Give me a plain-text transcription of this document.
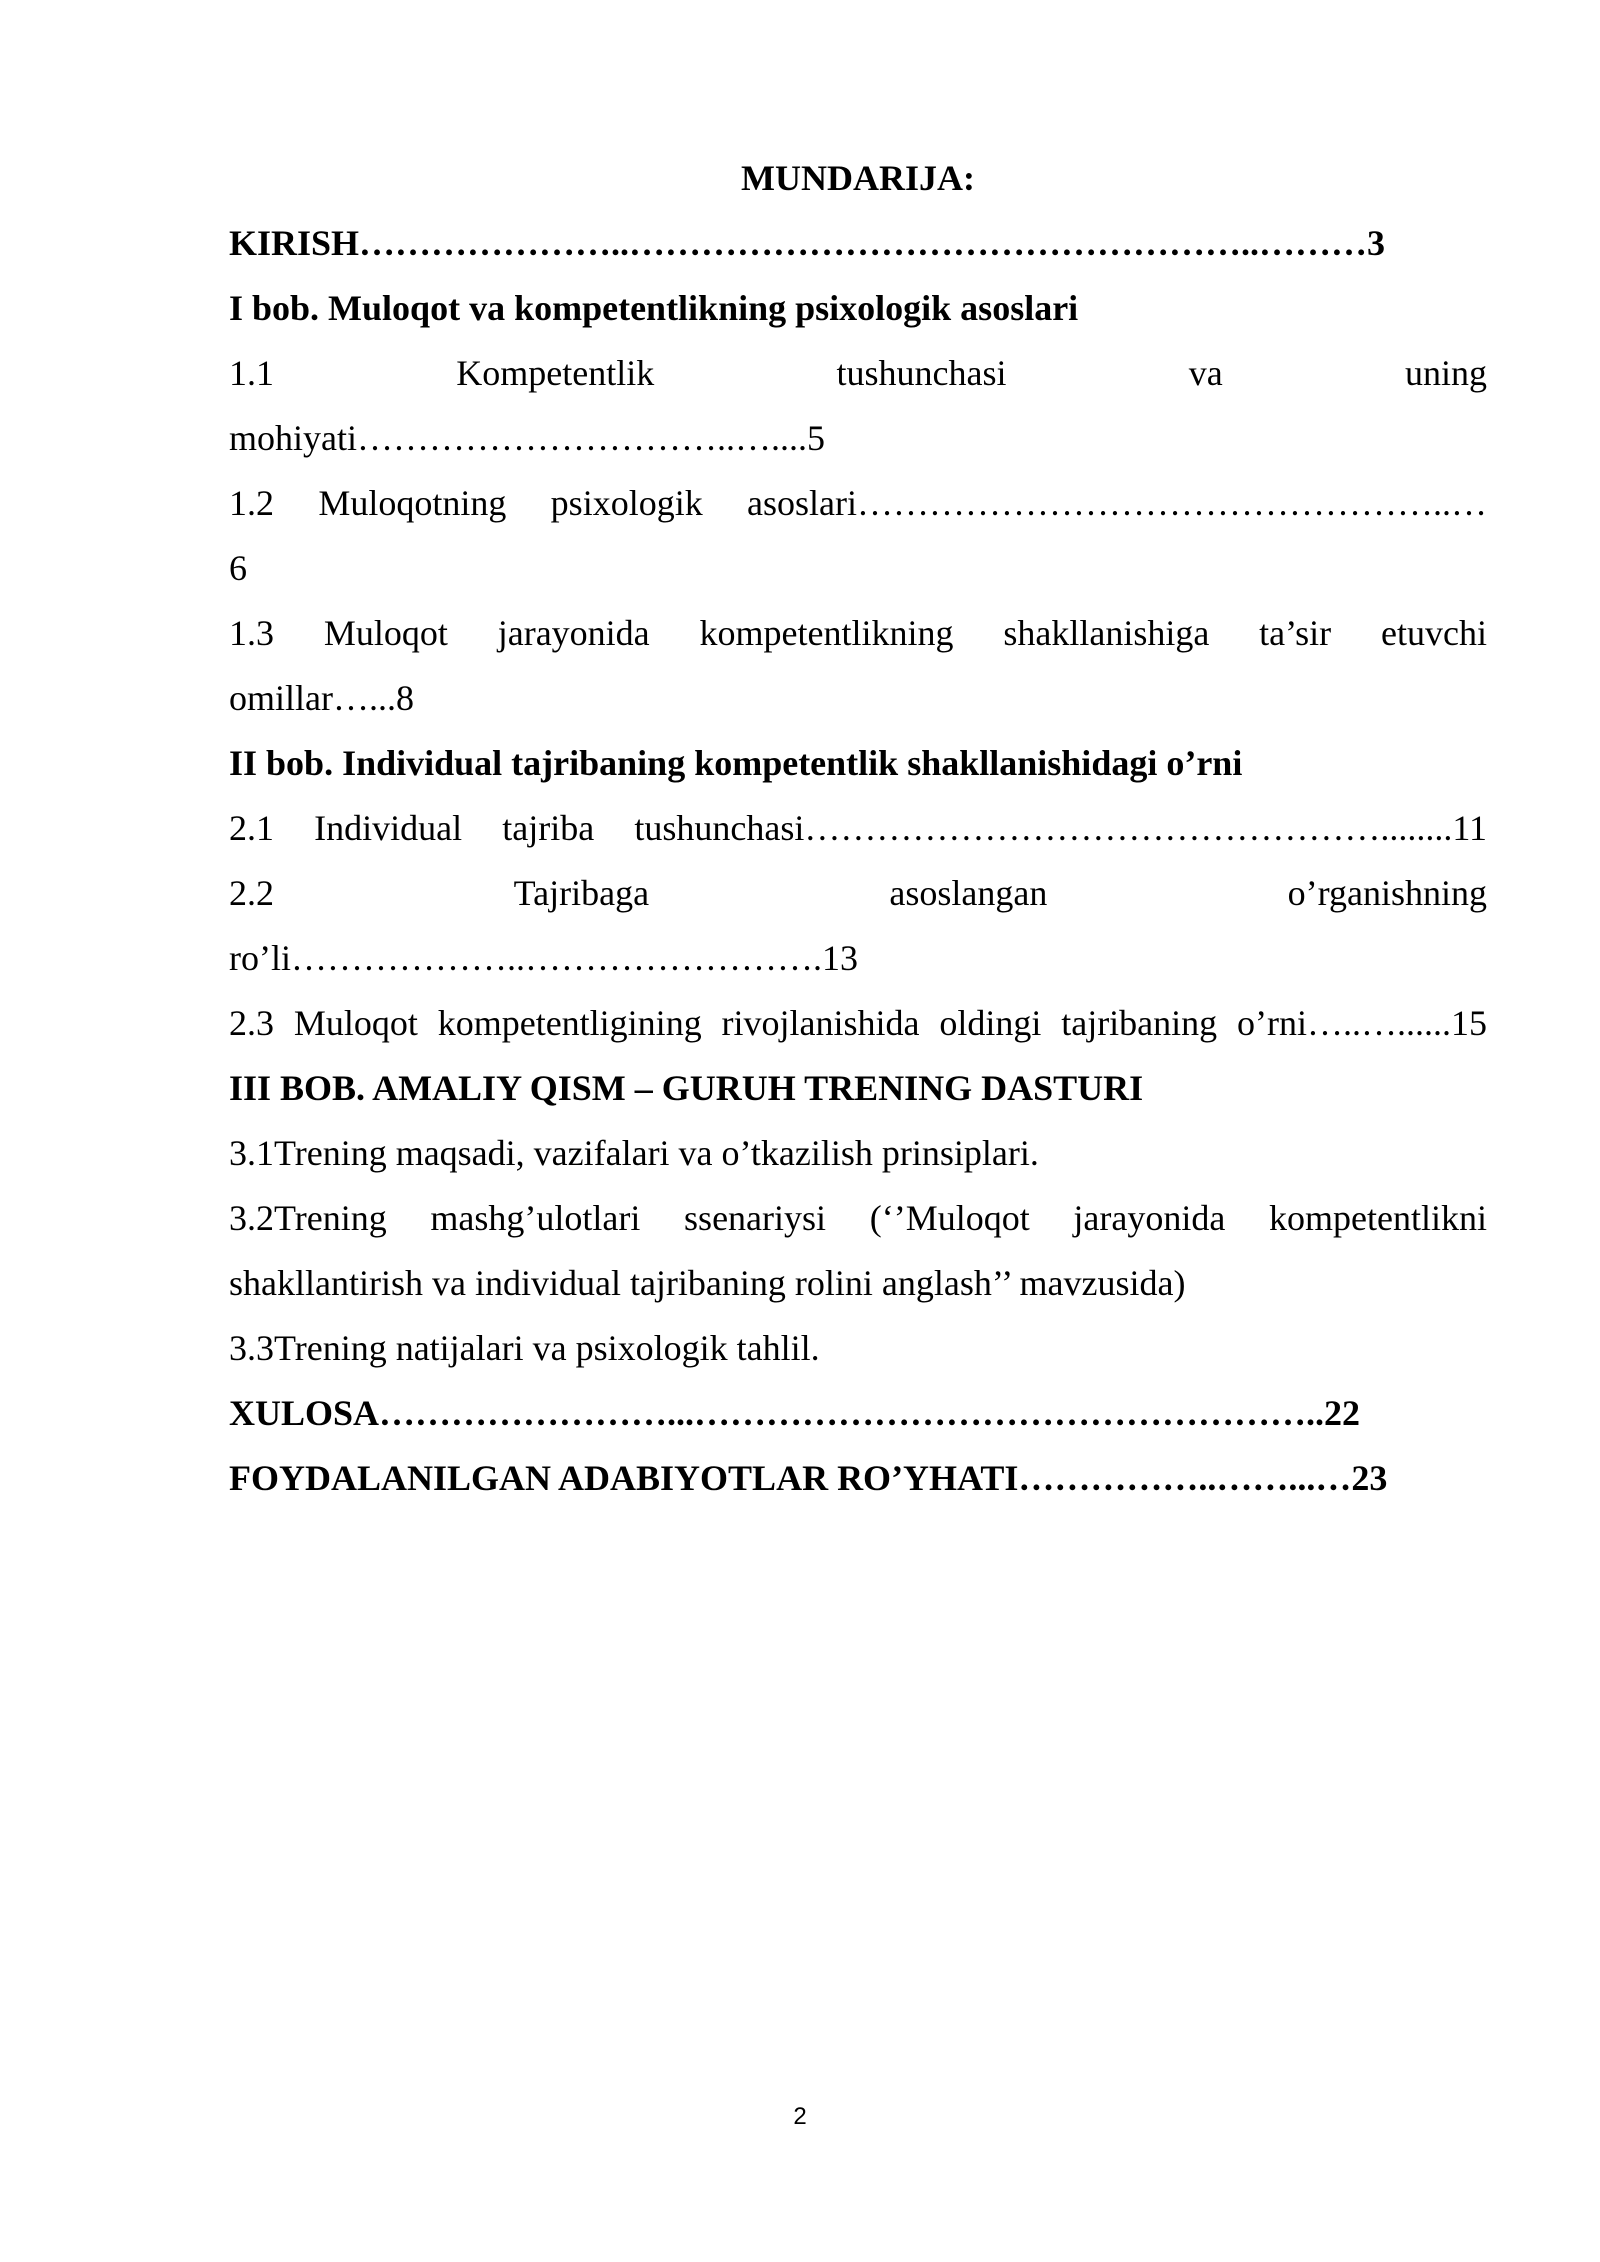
MUNDARIJA:

KIRISH…………………..……………………………………………..………3

I bob. Muloqot va kompetentlikning psixologik asoslari

1.1 Kompetentlik tushunchasi va uning

mohiyati…………………………..…....5

1.2 Muloqotning psixologik asoslari…………………………………………..…

6

1.3 Muloqot jarayonida kompetentlikning shakllanishiga ta’sir etuvchi

omillar…...8

II bob. Individual tajribaning kompetentlik shakllanishidagi o’rni

2.1 Individual tajriba tushunchasi…………………………………………........11

2.2 Tajribaga asoslangan o’rganishning

ro’li………………..…………………….13

2.3 Muloqot kompetentligining rivojlanishida oldingi tajribaning o’rni…..…......15

III BOB. AMALIY QISM – GURUH TRENING DASTURI

3.1Trening maqsadi, vazifalari va o’tkazilish prinsiplari.

3.2Trening mashg’ulotlari ssenariysi (‘’Muloqot jarayonida kompetentlikni

shakllantirish va individual tajribaning rolini anglash’’ mavzusida)

3.3Trening natijalari va psixologik tahlil.

XULOSA……………………...……………………………………………..22

FOYDALANILGAN ADABIYOTLAR RO’YHATI……………..……...…23

2
